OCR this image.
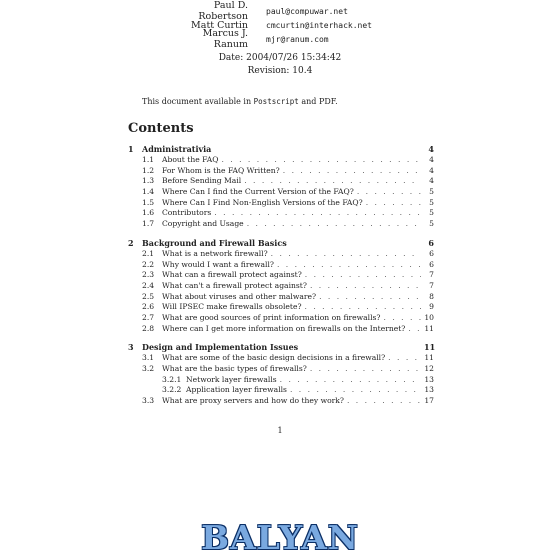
Paul D. Robertson	paul@compuwar.net
Matt Curtin	cmcurtin@interhack.net
Marcus J. Ranum	mjr@ranum.com
Date: 2004/07/26 15:34:42
Revision: 10.4
This document available in Postscript and PDF.
Contents
1	Administrativia	4
1.1	About the FAQ . . .	4
1.2	For Whom is the FAQ Written? . . .	4
1.3	Before Sending Mail . . .	4
1.4	Where Can I find the Current Version of the FAQ? . . .	5
1.5	Where Can I Find Non-English Versions of the FAQ? . . .	5
1.6	Contributors . . .	5
1.7	Copyright and Usage . . .	5
2	Background and Firewall Basics	6
2.1	What is a network firewall? . . .	6
2.2	Why would I want a firewall? . . .	6
2.3	What can a firewall protect against? . . .	7
2.4	What can't a firewall protect against? . . .	7
2.5	What about viruses and other malware? . . .	8
2.6	Will IPSEC make firewalls obsolete? . . .	9
2.7	What are good sources of print information on firewalls? . . .	10
2.8	Where can I get more information on firewalls on the Internet? . . . 11
3	Design and Implementation Issues	11
3.1	What are some of the basic design decisions in a firewall? . . .	11
3.2	What are the basic types of firewalls? . . .	12
3.2.1 Network layer firewalls . . .	13
3.2.2 Application layer firewalls . . .	13
3.3	What are proxy servers and how do they work? . . .	17
1
BALYAN
